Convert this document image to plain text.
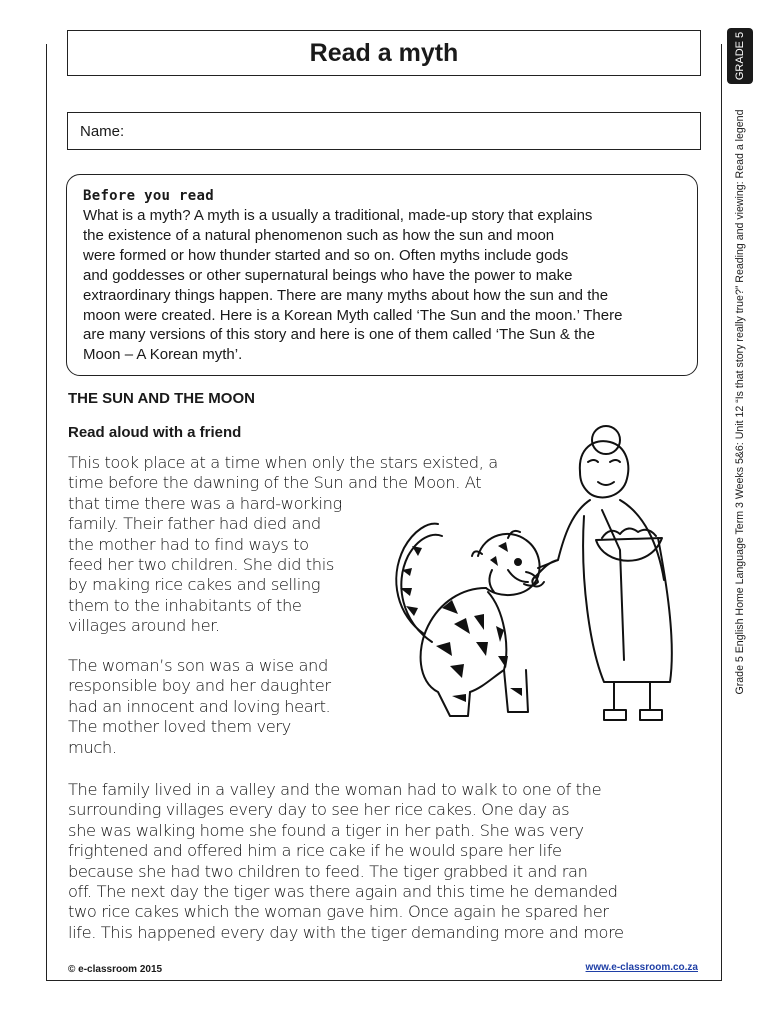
Read a myth
Name:

Before you read

What is a myth? A myth is a usually a traditional, made-up story that explains
the existence of a natural phenomenon such as how the sun and moon
were formed or how thunder started and so on. Often myths include gods
and goddesses or other supernatural beings who have the power to make
extraordinary things happen. There are many myths about how the sun and the
moon were created. Here is a Korean Myth called ‘The Sun and the moon.’ There
are many versions of this story and here is one of them called ‘The Sun & the
Moon – A Korean myth’.

THE SUN AND THE MOON
Read aloud with a friend

This took place at a time when only the stars existed, a
time before the dawning of the Sun and the Moon. At
that time there was a hard-working
family. Their father had died and
the mother had to find ways to
feed her two children. She did this
by making rice cakes and selling
them to the inhabitants of the
villages around her.

The woman’s son was a wise and
responsible boy and her daughter
had an innocent and loving heart.
The mother loved them very
much.

The family lived in a valley and the woman had to walk to one of the
surrounding villages every day to see her rice cakes. One day as
she was walking home she found a tiger in her path. She was very
frightened and offered him a rice cake if he would spare her life
because she had two children to feed. The tiger grabbed it and ran
off. The next day the tiger was there again and this time he demanded
two rice cakes which the woman gave him. Once again he spared her
life. This happened every day with the tiger demanding more and more

GRADE 5
Grade 5 English Home Language Term 3 Weeks 5&6: Unit 12 “Is that story really true?” Reading and viewing: Read a legend
© e-classroom 2015	www.e-classroom.co.za
